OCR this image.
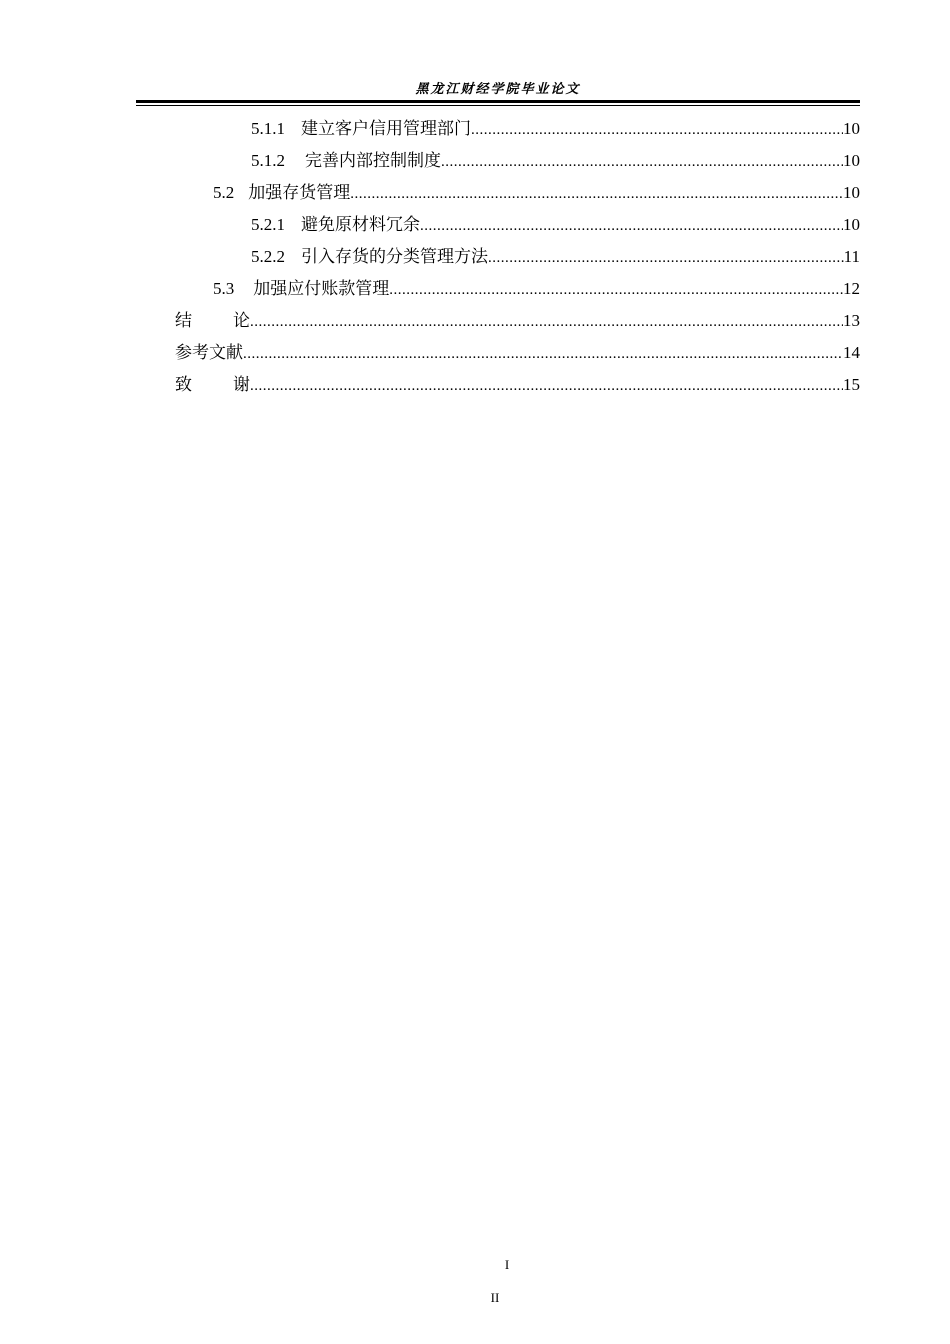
黑龙江财经学院毕业论文
5.1.1 建立客户信用管理部门 .....	10
5.1.2 完善内部控制制度 .....	10
5.2 加强存货管理 .....	10
5.2.1 避免原材料冗余 .....	10
5.2.2 引入存货的分类管理方法 .....	11
5.3 加强应付账款管理 .....	12
结 论 .....	13
参考文献 .....	14
致 谢 .....	15
I
II
